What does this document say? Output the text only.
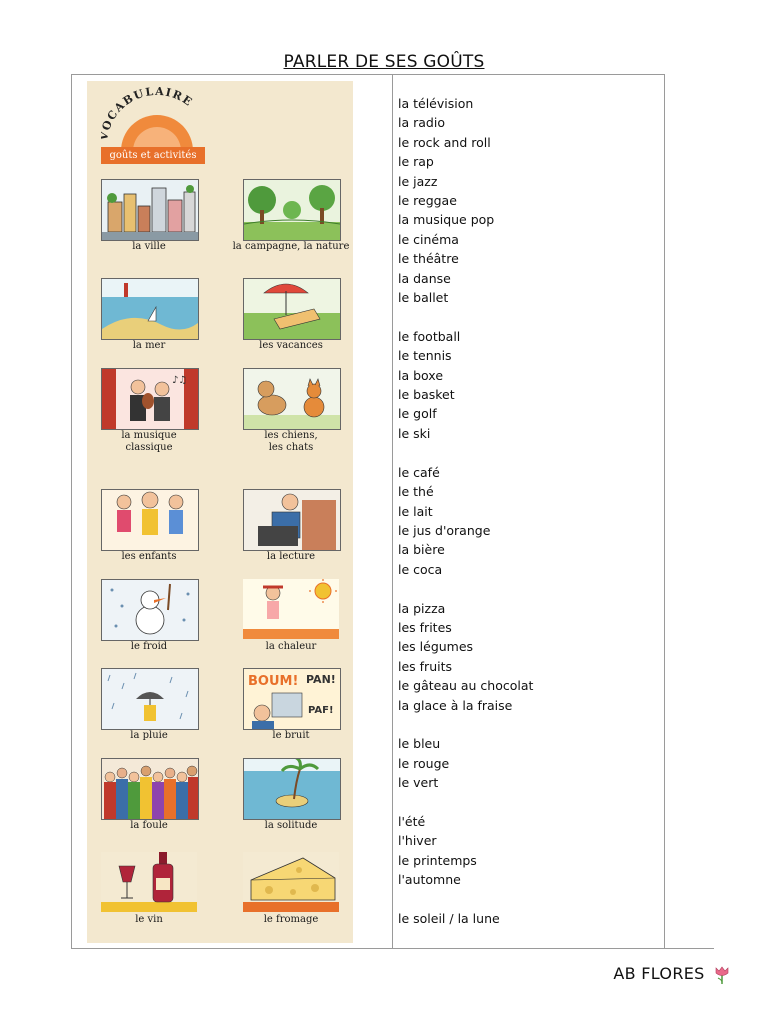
PARLER DE SES GOÛTS
CABULAIRE
goûts et activités
la ville	la campagne, la nature
la mer	les vacances
♪♫
la musique classique
les chiens, les chats
les enfants	la lecture
le froid	la chaleur
la pluie
BOUM! PAN!
PAF!
le bruit
la foule	la solitude
le vin	le fromage
la télévision
la radio
le rock and roll
le rap
le jazz
le reggae
la musique pop
le cinéma
le théâtre
la danse
le ballet
le football
le tennis
la boxe
le basket
le golf
le ski
le café
le thé
le lait
le jus d'orange
la bière
le coca
la pizza
les frites
les légumes
les fruits
le gâteau au chocolat
la glace à la fraise
le bleu
le rouge
le vert
l'été
l'hiver
le printemps
l'automne
le soleil / la lune
AB FLORES
